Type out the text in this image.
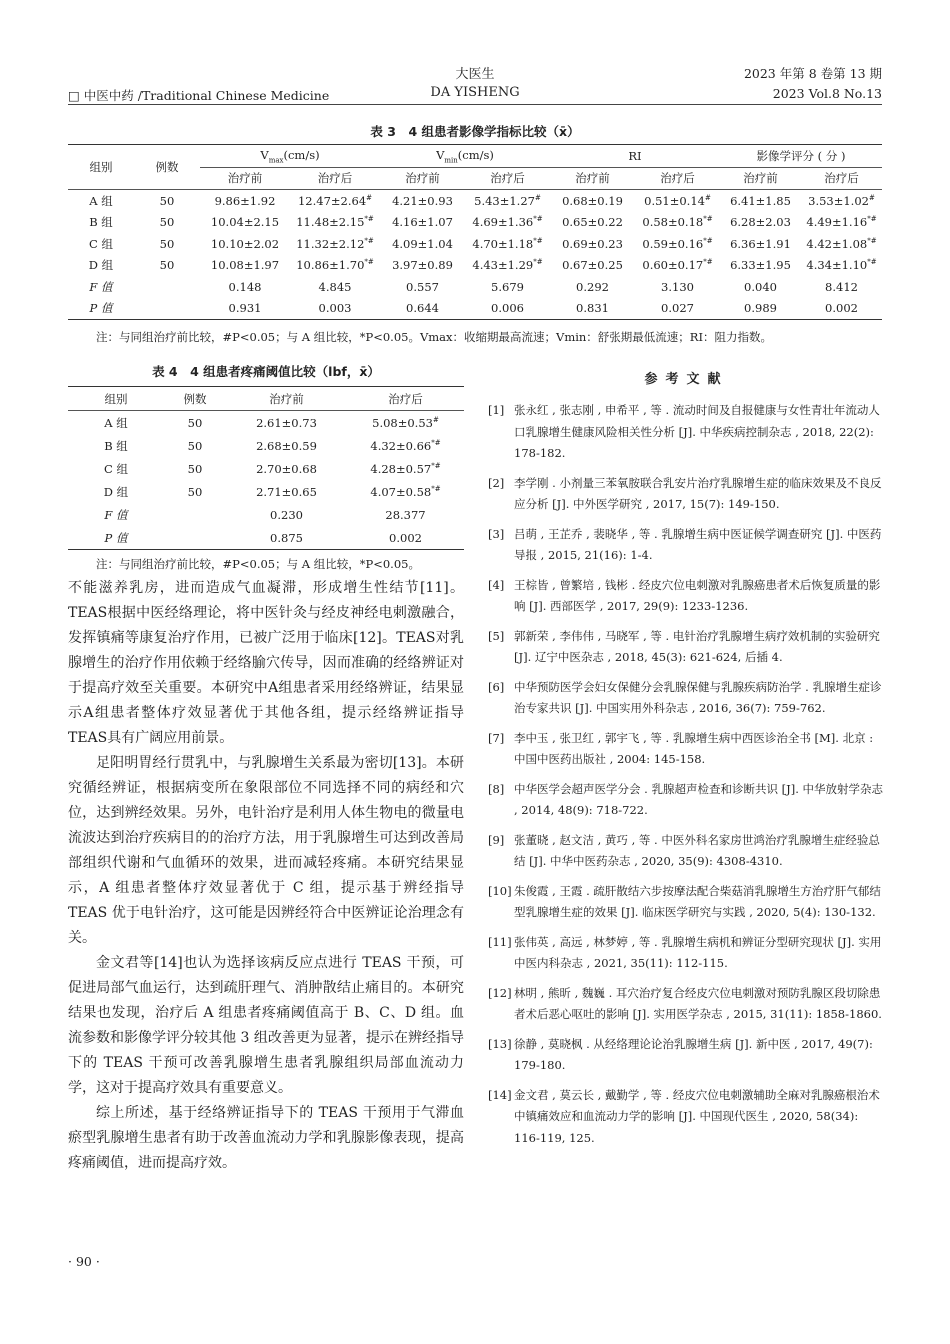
大医生
DA YISHENG
□ 中医中药 /Traditional Chinese Medicine
2023 年第 8 卷第 13 期
2023 Vol.8 No.13
表 3　4 组患者影像学指标比较（x̄）
组别	例数	$V_{max}(cm/s)$		$V_{min}(cm/s)$		RI		影像学评分 ( 分 )	
		治疗前	治疗后	治疗前	治疗后	治疗前	治疗后	治疗前	治疗后
A 组	50	9.86±1.92	12.47±2.64#	4.21±0.93	5.43±1.27#	0.68±0.19	0.51±0.14#	6.41±1.85	3.53±1.02#
B 组	50	10.04±2.15	11.48±2.15*#	4.16±1.07	4.69±1.36*#	0.65±0.22	0.58±0.18*#	6.28±2.03	4.49±1.16*#
C 组	50	10.10±2.02	11.32±2.12*#	4.09±1.04	4.70±1.18*#	0.69±0.23	0.59±0.16*#	6.36±1.91	4.42±1.08*#
D 组	50	10.08±1.97	10.86±1.70*#	3.97±0.89	4.43±1.29*#	0.67±0.25	0.60±0.17*#	6.33±1.95	4.34±1.10*#
F 值		0.148	4.845	0.557	5.679	0.292	3.130	0.040	8.412
P 值		0.931	0.003	0.644	0.006	0.831	0.027	0.989	0.002
注：与同组治疗前比较，#P<0.05；与 A 组比较，*P<0.05。Vmax：收缩期最高流速；Vmin：舒张期最低流速；RI：阻力指数。
表 4　4 组患者疼痛阈值比较（lbf，x̄）
组别	例数	治疗前	治疗后
A 组	50	2.61±0.73	5.08±0.53#
B 组	50	2.68±0.59	4.32±0.66*#
C 组	50	2.70±0.68	4.28±0.57*#
D 组	50	2.71±0.65	4.07±0.58*#
F 值		0.230	28.377
P 值		0.875	0.002
注：与同组治疗前比较，#P<0.05；与 A 组比较，*P<0.05。

不能滋养乳房，进而造成气血凝滞，形成增生性结节[11]。TEAS根据中医经络理论，将中医针灸与经皮神经电刺激融合，发挥镇痛等康复治疗作用，已被广泛用于临床[12]。TEAS对乳腺增生的治疗作用依赖于经络腧穴传导，因而准确的经络辨证对于提高疗效至关重要。本研究中A组患者采用经络辨证，结果显示A组患者整体疗效显著优于其他各组，提示经络辨证指导TEAS具有广阔应用前景。

足阳明胃经行贯乳中，与乳腺增生关系最为密切[13]。本研究循经辨证，根据病变所在象限部位不同选择不同的病经和穴位，达到辨经效果。另外，电针治疗是利用人体生物电的微量电流波达到治疗疾病目的的治疗方法，用于乳腺增生可达到改善局部组织代谢和气血循环的效果，进而减轻疼痛。本研究结果显示，A 组患者整体疗效显著优于 C 组，提示基于辨经指导 TEAS 优于电针治疗，这可能是因辨经符合中医辨证论治理念有关。

金文君等[14]也认为选择该病反应点进行 TEAS 干预，可促进局部气血运行，达到疏肝理气、消肿散结止痛目的。本研究结果也发现，治疗后 A 组患者疼痛阈值高于 B、C、D 组。血流参数和影像学评分较其他 3 组改善更为显著，提示在辨经指导下的 TEAS 干预可改善乳腺增生患者乳腺组织局部血流动力学，这对于提高疗效具有重要意义。

综上所述，基于经络辨证指导下的 TEAS 干预用于气滞血瘀型乳腺增生患者有助于改善血流动力学和乳腺影像表现，提高疼痛阈值，进而提高疗效。

参考文献
[1] 张永红 , 张志刚 , 申希平 , 等 . 流动时间及自报健康与女性青壮年流动人口乳腺增生健康风险相关性分析 [J]. 中华疾病控制杂志 , 2018, 22(2): 178-182.
[2] 李学刚 . 小剂量三苯氧胺联合乳安片治疗乳腺增生症的临床效果及不良反应分析 [J]. 中外医学研究 , 2017, 15(7): 149-150.
[3] 吕萌 , 王芷乔 , 裴晓华 , 等 . 乳腺增生病中医证候学调查研究 [J]. 中医药导报 , 2015, 21(16): 1-4.
[4] 王棕皆 , 曾繁培 , 钱彬 . 经皮穴位电刺激对乳腺癌患者术后恢复质量的影响 [J]. 西部医学 , 2017, 29(9): 1233-1236.
[5] 郭新荣 , 李伟伟 , 马晓军 , 等 . 电针治疗乳腺增生病疗效机制的实验研究 [J]. 辽宁中医杂志 , 2018, 45(3): 621-624, 后插 4.
[6] 中华预防医学会妇女保健分会乳腺保健与乳腺疾病防治学 . 乳腺增生症诊治专家共识 [J]. 中国实用外科杂志 , 2016, 36(7): 759-762.
[7] 李中玉 , 张卫红 , 郭宇飞 , 等 . 乳腺增生病中西医诊治全书 [M]. 北京 : 中国中医药出版社 , 2004: 145-158.
[8] 中华医学会超声医学分会 . 乳腺超声检查和诊断共识 [J]. 中华放射学杂志 , 2014, 48(9): 718-722.
[9] 张董晓 , 赵文洁 , 黄巧 , 等 . 中医外科名家房世鸿治疗乳腺增生症经验总结 [J]. 中华中医药杂志 , 2020, 35(9): 4308-4310.
[10] 朱俊霞 , 王霞 . 疏肝散结六步按摩法配合柴菇消乳腺增生方治疗肝气郁结型乳腺增生症的效果 [J]. 临床医学研究与实践 , 2020, 5(4): 130-132.
[11] 张伟英 , 高远 , 林梦婷 , 等 . 乳腺增生病机和辨证分型研究现状 [J]. 实用中医内科杂志 , 2021, 35(11): 112-115.
[12] 林明 , 熊昕 , 魏巍 . 耳穴治疗复合经皮穴位电刺激对预防乳腺区段切除患者术后恶心呕吐的影响 [J]. 实用医学杂志 , 2015, 31(11): 1858-1860.
[13] 徐静 , 莫晓枫 . 从经络理论论治乳腺增生病 [J]. 新中医 , 2017, 49(7): 179-180.
[14] 金文君 , 莫云长 , 戴勤学 , 等 . 经皮穴位电刺激辅助全麻对乳腺癌根治术中镇痛效应和血流动力学的影响 [J]. 中国现代医生 , 2020, 58(34): 116-119, 125.
· 90 ·
